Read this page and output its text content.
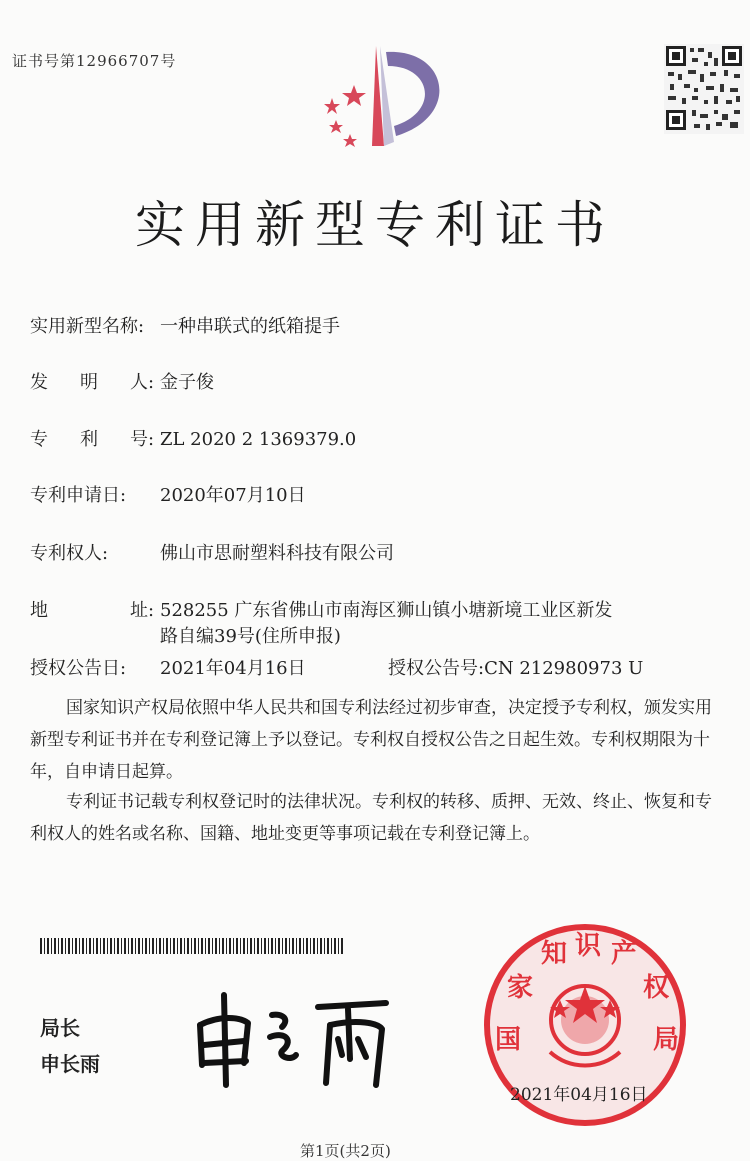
证书号第12966707号
实用新型专利证书
实用新型名称: 一种串联式的纸箱提手
发 明 人 : 金子俊
专 利 号 : ZL 2020 2 1369379.0
专利申请日: 2020年07月10日
专利权人:	佛山市思耐塑料科技有限公司
地	址 : 528255 广东省佛山市南海区狮山镇小塘新境工业区新发
路自编39号(住所申报)
授权公告日: 2021年04月16日	授权公告号:CN 212980973 U
国家知识产权局依照中华人民共和国专利法经过初步审查，决定授予专利权，颁发实用新型专利证书并在专利登记簿上予以登记。专利权自授权公告之日起生效。专利权期限为十年，自申请日起算。
专利证书记载专利权登记时的法律状况。专利权的转移、质押、无效、终止、恢复和专利权人的姓名或名称、国籍、地址变更等事项记载在专利登记簿上。
局长
申长雨
国
家
知 识 产
权
局
2021年04月16日
第1页(共2页)
